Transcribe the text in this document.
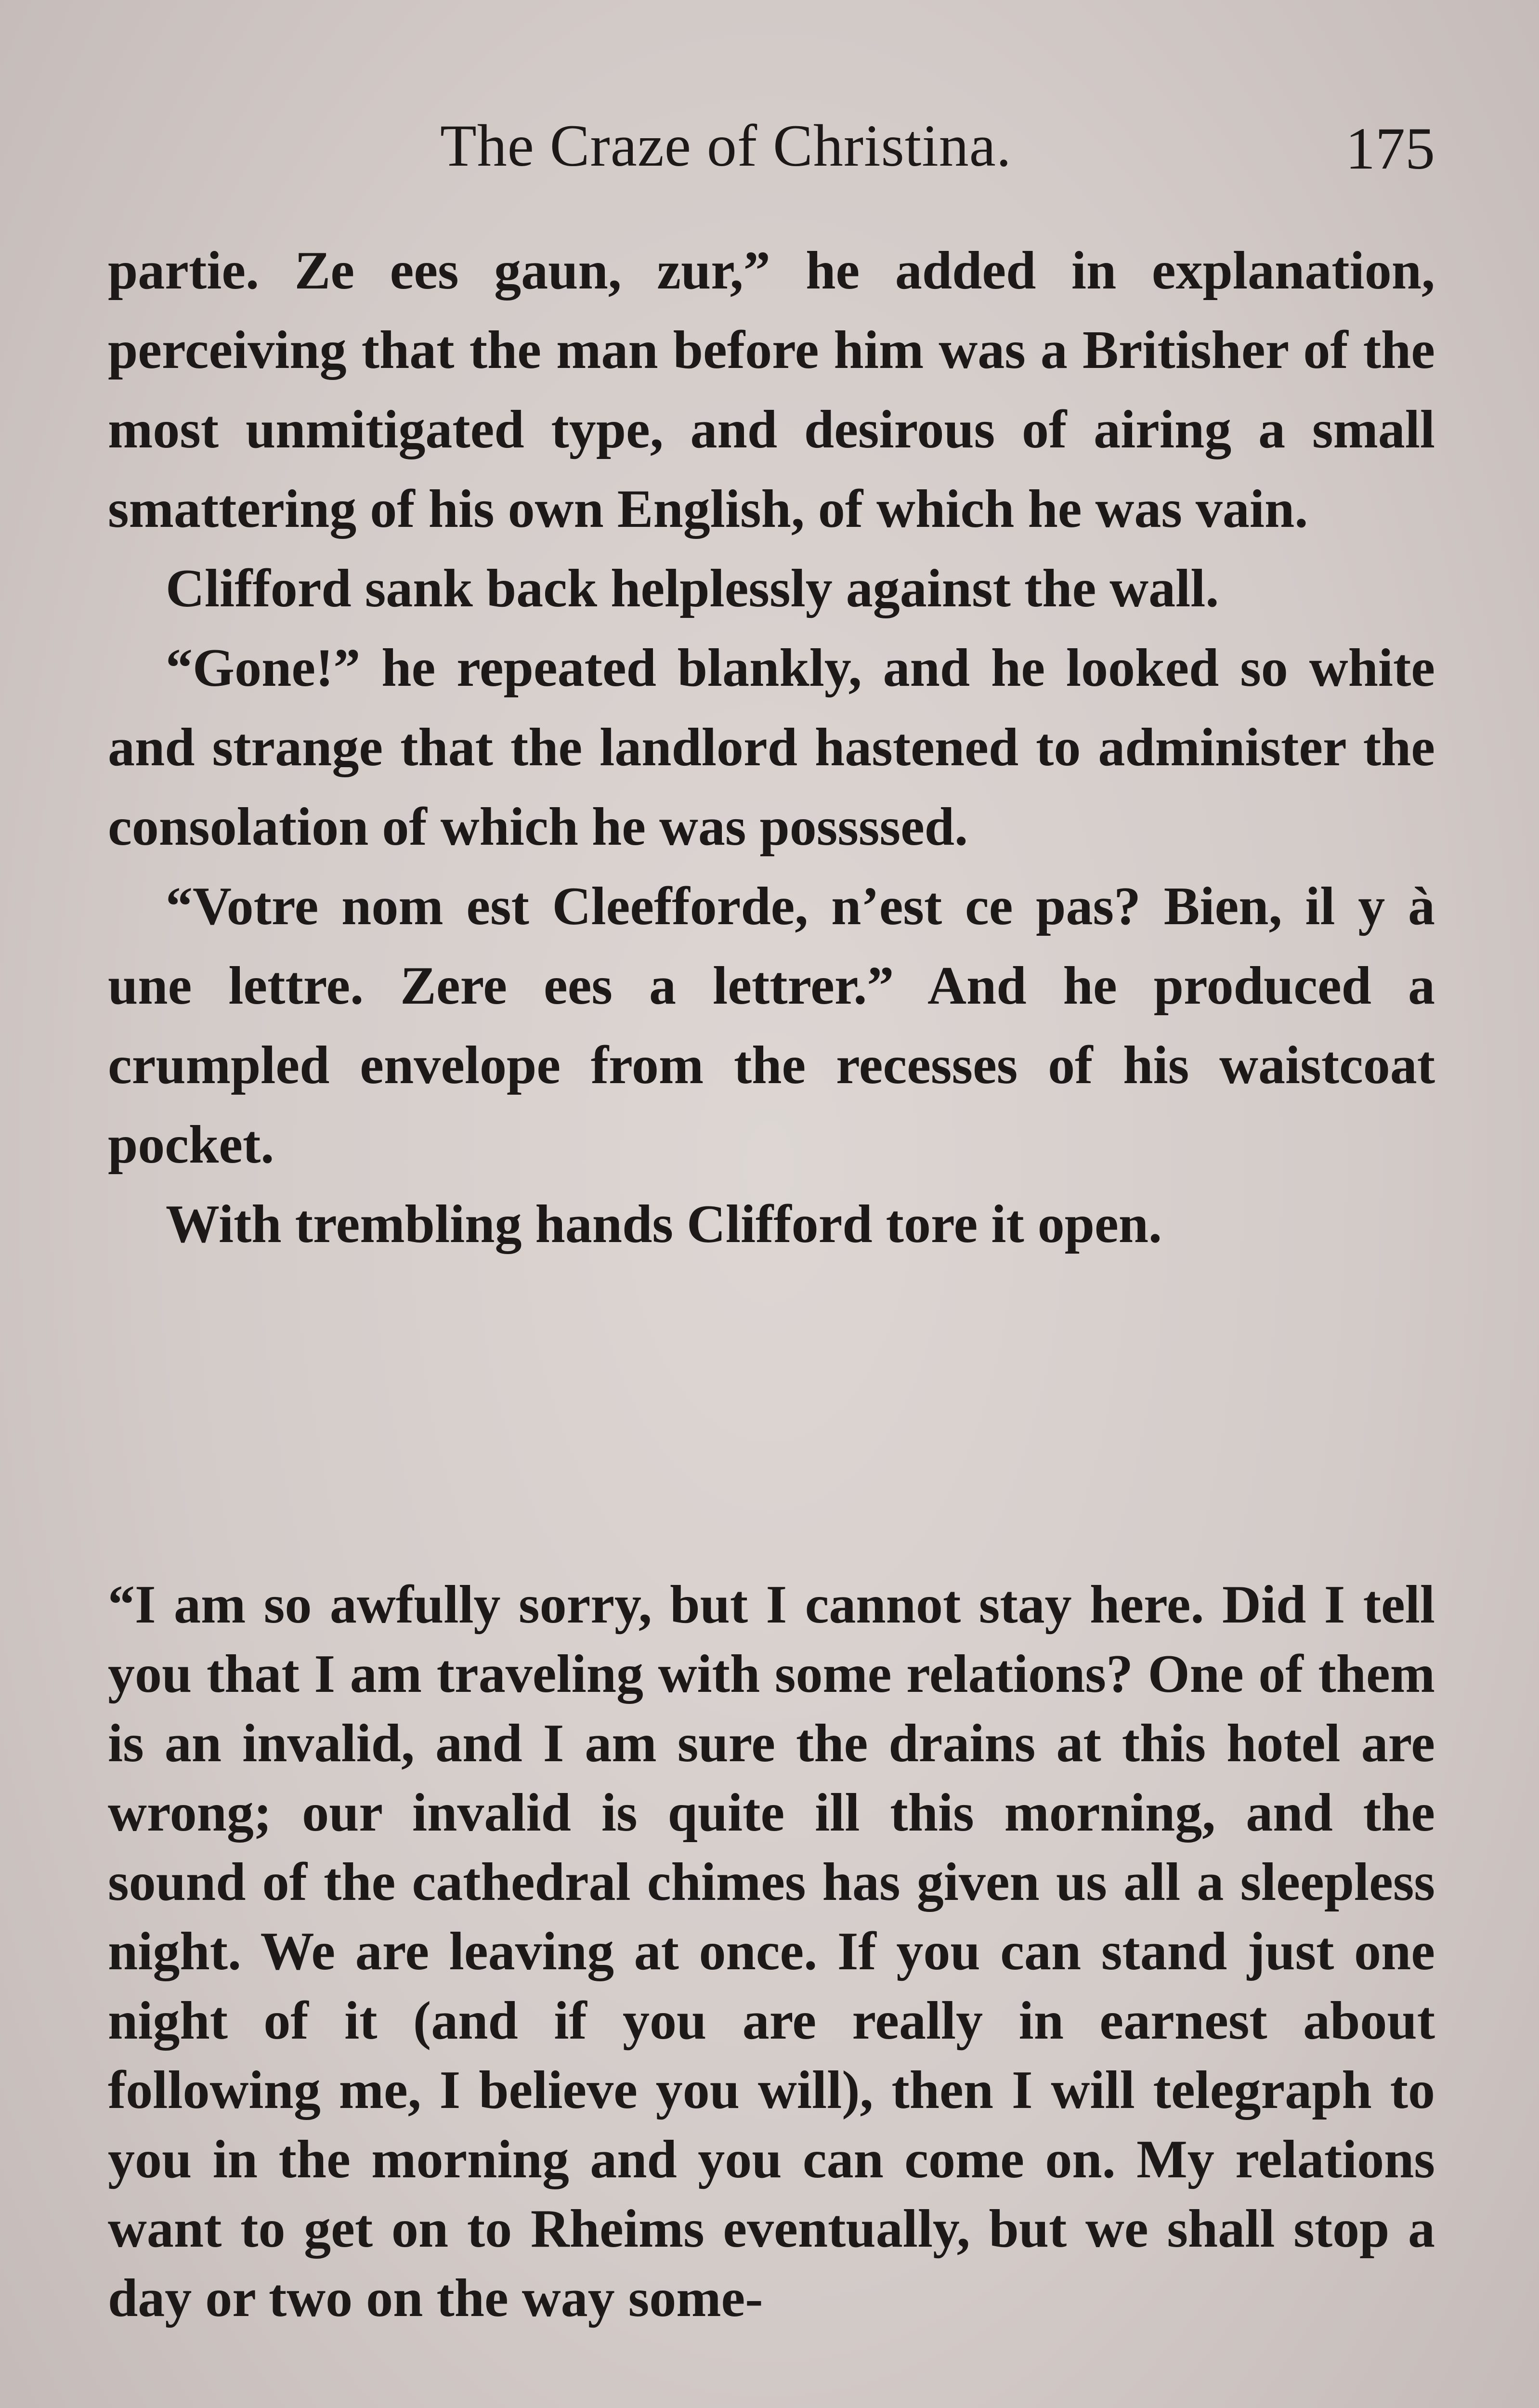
The Craze of Christina.	175

partie. Ze ees gaun, zur,” he added in explanation, perceiving that the man before him was a Britisher of the most unmitigated type, and desirous of airing a small smattering of his own English, of which he was vain.

Clifford sank back helplessly against the wall.

“Gone!” he repeated blankly, and he looked so white and strange that the landlord hastened to administer the consolation of which he was possssed.

“Votre nom est Cleefforde, n’est ce pas? Bien, il y à une lettre. Zere ees a lettrer.” And he produced a crumpled envelope from the recesses of his waistcoat pocket.

With trembling hands Clifford tore it open.

“I am so awfully sorry, but I cannot stay here. Did I tell you that I am traveling with some relations? One of them is an invalid, and I am sure the drains at this hotel are wrong; our invalid is quite ill this morning, and the sound of the cathedral chimes has given us all a sleepless night. We are leaving at once. If you can stand just one night of it (and if you are really in earnest about following me, I believe you will), then I will telegraph to you in the morning and you can come on. My relations want to get on to Rheims eventually, but we shall stop a day or two on the way some-
